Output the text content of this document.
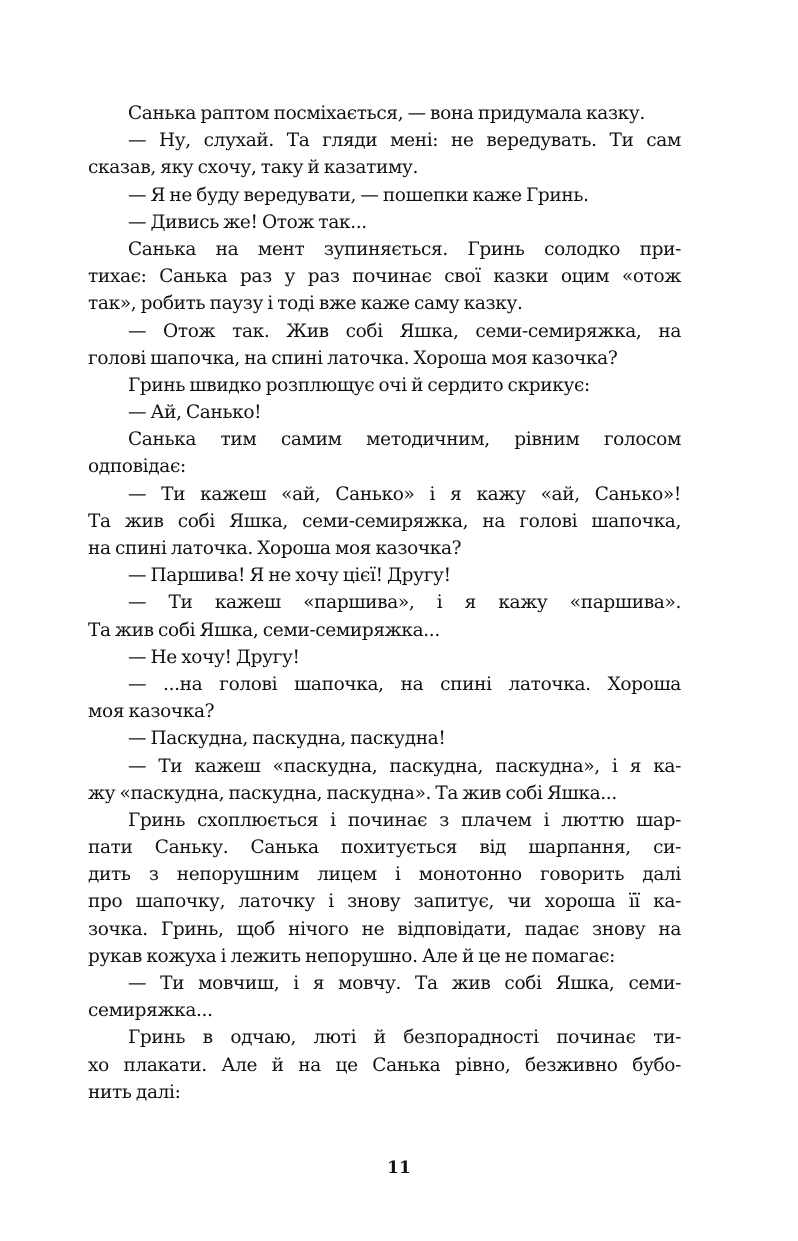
Санька раптом посміхається, — вона придумала казку.
— Ну, слухай. Та гляди мені: не вередувать. Ти сам
сказав, яку схочу, таку й казатиму.
— Я не буду вередувати, — пошепки каже Гринь.
— Дивись же! Отож так...
Санька на мент зупиняється. Гринь солодко при-
тихає: Санька раз у раз починає свої казки оцим «отож
так», робить паузу і тоді вже каже саму казку.
— Отож так. Жив собі Яшка, семи-семиряжка, на
голові шапочка, на спині латочка. Хороша моя казочка?
Гринь швидко розплющує очі й сердито скрикує:
— Ай, Санько!
Санька тим самим методичним, рівним голосом
одповідає:
— Ти кажеш «ай, Санько» і я кажу «ай, Санько»!
Та жив собі Яшка, семи-семиряжка, на голові шапочка,
на спині латочка. Хороша моя казочка?
— Паршива! Я не хочу цієї! Другу!
— Ти кажеш «паршива», і я кажу «паршива».
Та жив собі Яшка, семи-семиряжка...
— Не хочу! Другу!
— ...на голові шапочка, на спині латочка. Хороша
моя казочка?
— Паскудна, паскудна, паскудна!
— Ти кажеш «паскудна, паскудна, паскудна», і я ка-
жу «паскудна, паскудна, паскудна». Та жив собі Яшка...
Гринь схоплюється і починає з плачем і люттю шар-
пати Саньку. Санька похитується від шарпання, си-
дить з непорушним лицем і монотонно говорить далі
про шапочку, латочку і знову запитує, чи хороша її ка-
зочка. Гринь, щоб нічого не відповідати, падає знову на
рукав кожуха і лежить непорушно. Але й це не помагає:
— Ти мовчиш, і я мовчу. Та жив собі Яшка, семи-
семиряжка...
Гринь в одчаю, люті й безпорадності починає ти-
хо плакати. Але й на це Санька рівно, безживно бубо-
нить далі:
11
